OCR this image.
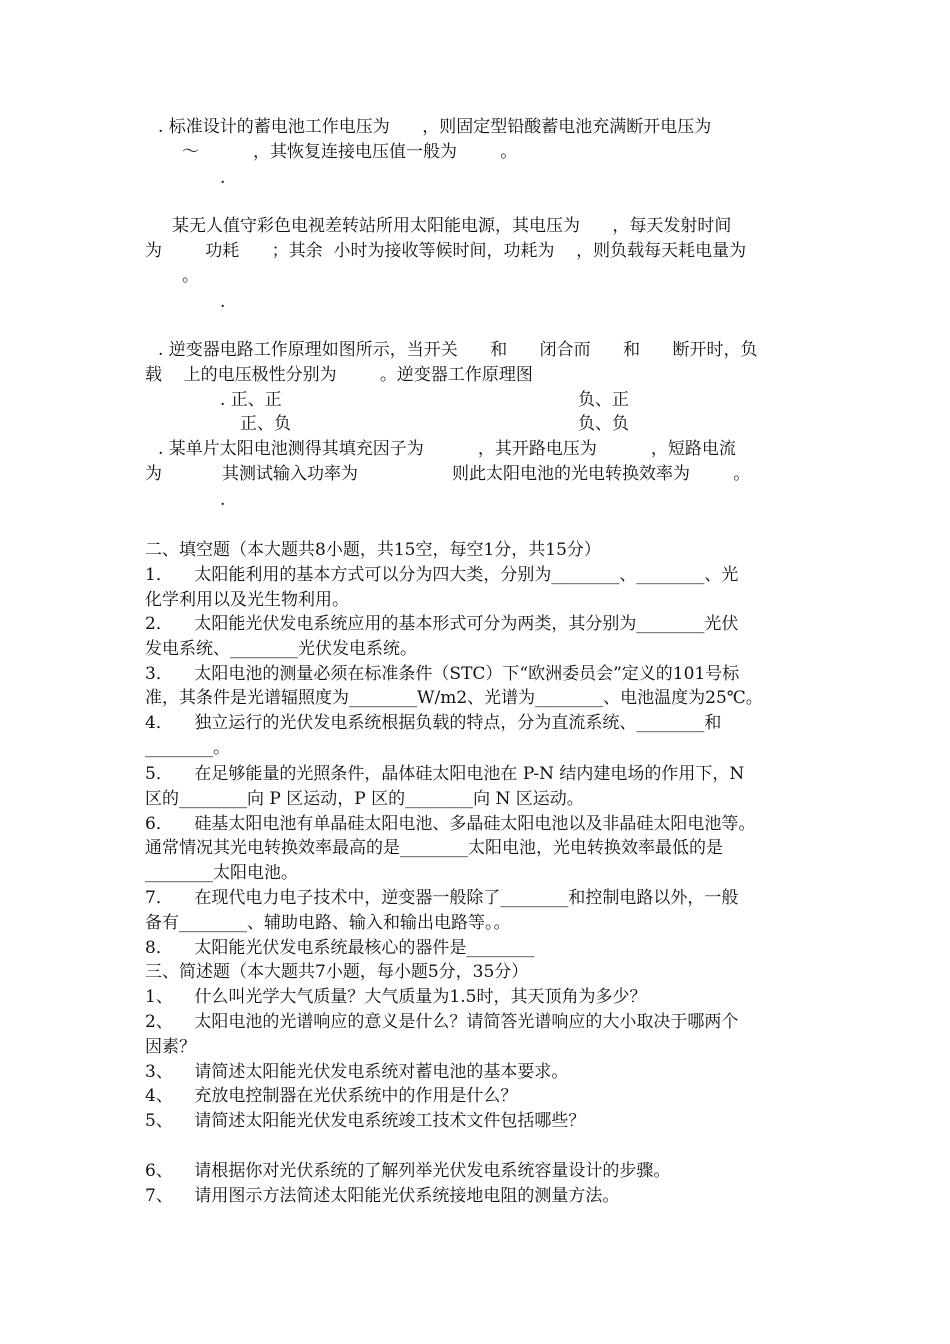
. 标准设计的蓄电池工作电压为      ，则固定型铅酸蓄电池充满断开电压为
～          ，其恢复连接电压值一般为        。
.
某无人值守彩色电视差转站所用太阳能电源，其电压为      ，每天发射时间
为        功耗      ；其余  小时为接收等候时间，功耗为    ，则负载每天耗电量为
。
.
. 逆变器电路工作原理如图所示，当开关      和      闭合而      和      断开时，负
载    上的电压极性分别为        。逆变器工作原理图
. 正、正	负、正
正、负	负、负
. 某单片太阳电池测得其填充因子为          ，其开路电压为          ，短路电流
为	其测试输入功率为	则此太阳电池的光电转换效率为        。
.
二、填空题（本大题共8小题，共15空，每空1分，共15分）
1．    太阳能利用的基本方式可以分为四大类，分别为________、________、光
化学利用以及光生物利用。
2．    太阳能光伏发电系统应用的基本形式可分为两类，其分别为________光伏
发电系统、________光伏发电系统。
3．    太阳电池的测量必须在标准条件（STC）下“欧洲委员会”定义的101号标
准，其条件是光谱辐照度为________W/m2、光谱为________、电池温度为25℃。
4．    独立运行的光伏发电系统根据负载的特点，分为直流系统、________和
________。
5．    在足够能量的光照条件，晶体硅太阳电池在 P-N 结内建电场的作用下，N
区的________向 P 区运动，P 区的________向 N 区运动。
6．    硅基太阳电池有单晶硅太阳电池、多晶硅太阳电池以及非晶硅太阳电池等。
通常情况其光电转换效率最高的是________太阳电池，光电转换效率最低的是
________太阳电池。
7．    在现代电力电子技术中，逆变器一般除了________和控制电路以外，一般
备有________、辅助电路、输入和输出电路等。。
8．    太阳能光伏发电系统最核心的器件是________
三、简述题（本大题共7小题，每小题5分，35分）
1、    什么叫光学大气质量？大气质量为1.5时，其天顶角为多少？
2、    太阳电池的光谱响应的意义是什么？请简答光谱响应的大小取决于哪两个
因素？
3、    请简述太阳能光伏发电系统对蓄电池的基本要求。
4、    充放电控制器在光伏系统中的作用是什么？
5、    请简述太阳能光伏发电系统竣工技术文件包括哪些？
6、    请根据你对光伏系统的了解列举光伏发电系统容量设计的步骤。
7、    请用图示方法简述太阳能光伏系统接地电阻的测量方法。
